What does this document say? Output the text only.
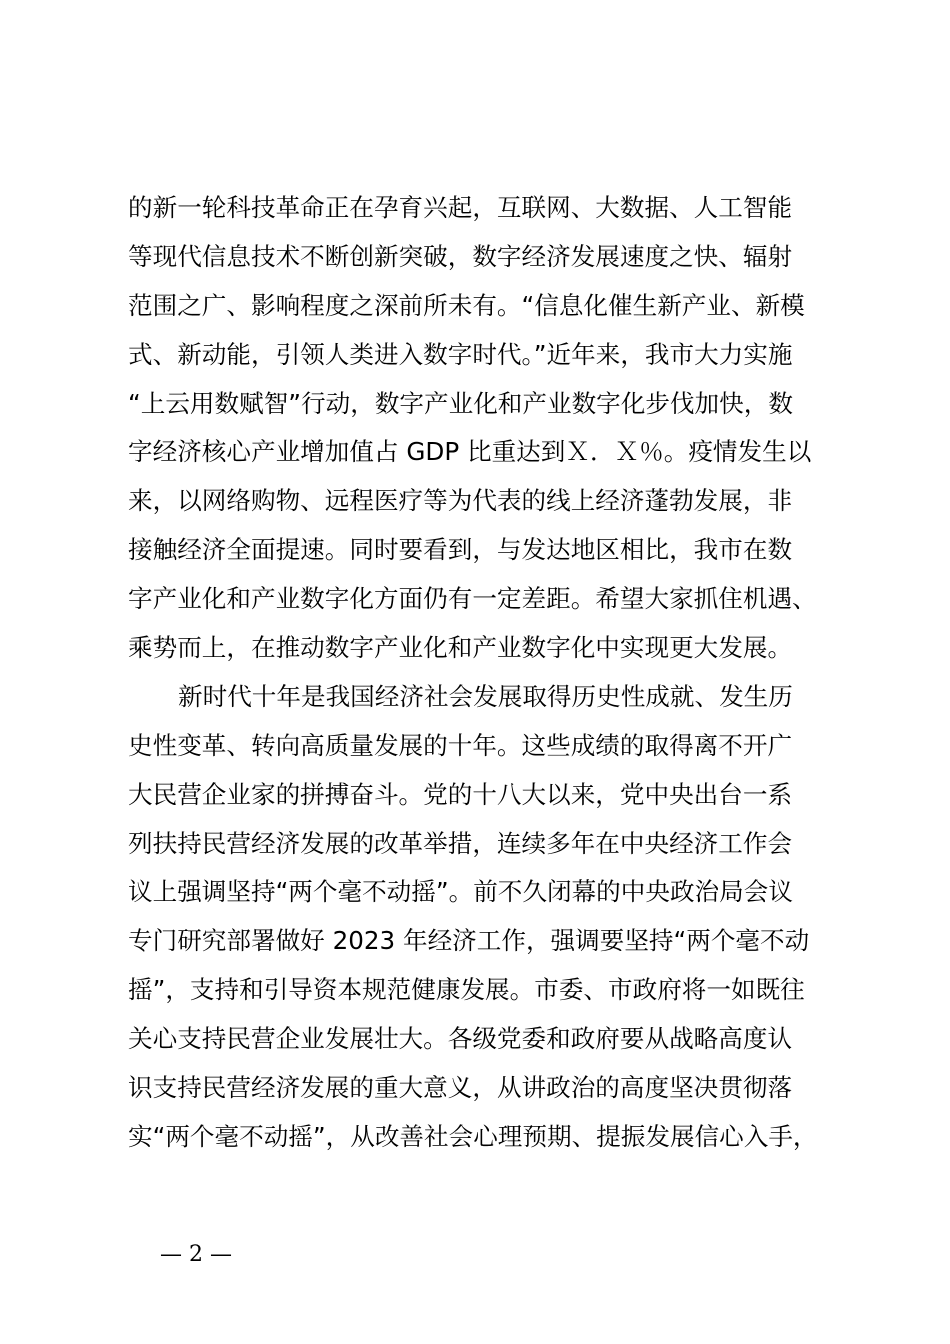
的新一轮科技革命正在孕育兴起，互联网、大数据、人工智能
等现代信息技术不断创新突破，数字经济发展速度之快、辐射
范围之广、影响程度之深前所未有。“信息化催生新产业、新模
式、新动能，引领人类进入数字时代。”近年来，我市大力实施
“上云用数赋智”行动，数字产业化和产业数字化步伐加快，数
字经济核心产业增加值占 GDP 比重达到Ｘ．Ｘ％。疫情发生以
来，以网络购物、远程医疗等为代表的线上经济蓬勃发展，非
接触经济全面提速。同时要看到，与发达地区相比，我市在数
字产业化和产业数字化方面仍有一定差距。希望大家抓住机遇、
乘势而上，在推动数字产业化和产业数字化中实现更大发展。
新时代十年是我国经济社会发展取得历史性成就、发生历
史性变革、转向高质量发展的十年。这些成绩的取得离不开广
大民营企业家的拼搏奋斗。党的十八大以来，党中央出台一系
列扶持民营经济发展的改革举措，连续多年在中央经济工作会
议上强调坚持“两个毫不动摇”。前不久闭幕的中央政治局会议
专门研究部署做好 2023 年经济工作，强调要坚持“两个毫不动
摇”，支持和引导资本规范健康发展。市委、市政府将一如既往
关心支持民营企业发展壮大。各级党委和政府要从战略高度认
识支持民营经济发展的重大意义，从讲政治的高度坚决贯彻落
实“两个毫不动摇”，从改善社会心理预期、提振发展信心入手，
— 2 —
